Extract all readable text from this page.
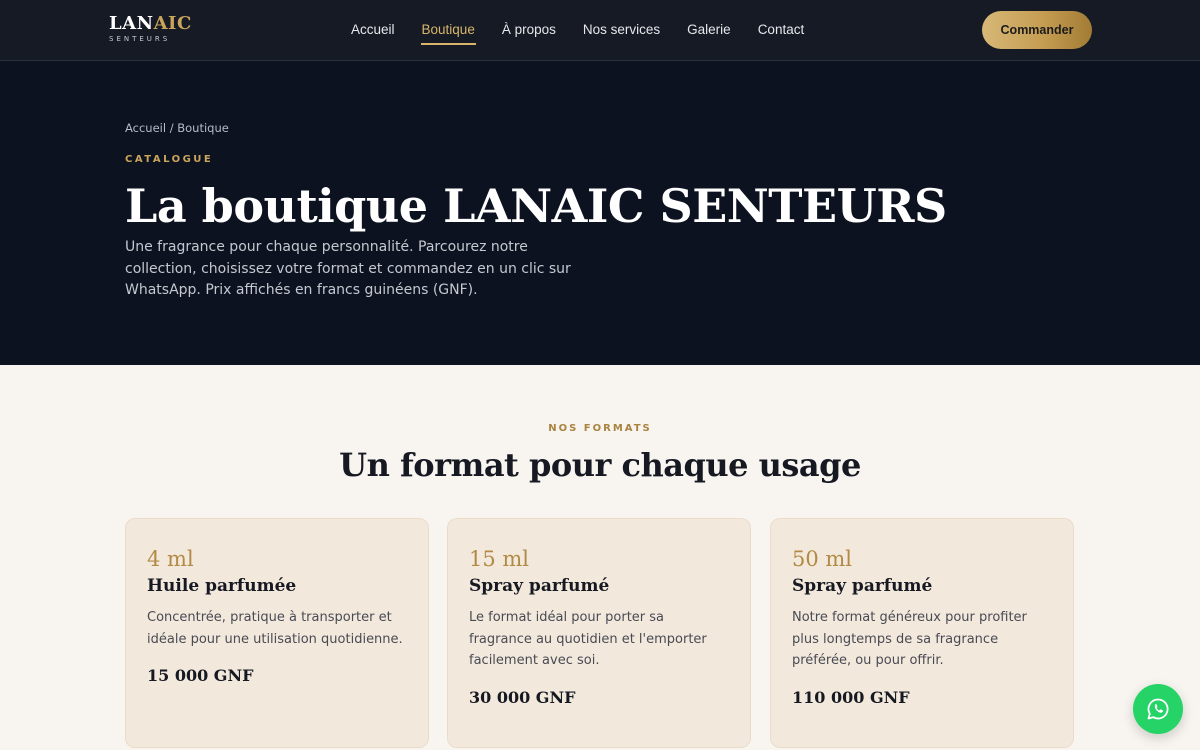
LANAIC
SENTEURS
Accueil Boutique À propos Nos services Galerie Contact	Commander
Accueil / Boutique
CATALOGUE
La boutique LANAIC SENTEURS

Une fragrance pour chaque personnalité. Parcourez notre collection, choisissez votre format et commandez en un clic sur WhatsApp. Prix affichés en francs guinéens (GNF).

NOS FORMATS
Un format pour chaque usage
4 ml
Huile parfumée

Concentrée, pratique à transporter et idéale pour une utilisation quotidienne.

15 000 GNF
15 ml
Spray parfumé

Le format idéal pour porter sa fragrance au quotidien et l'emporter facilement avec soi.

30 000 GNF
50 ml
Spray parfumé

Notre format généreux pour profiter plus longtemps de sa fragrance préférée, ou pour offrir.

110 000 GNF
